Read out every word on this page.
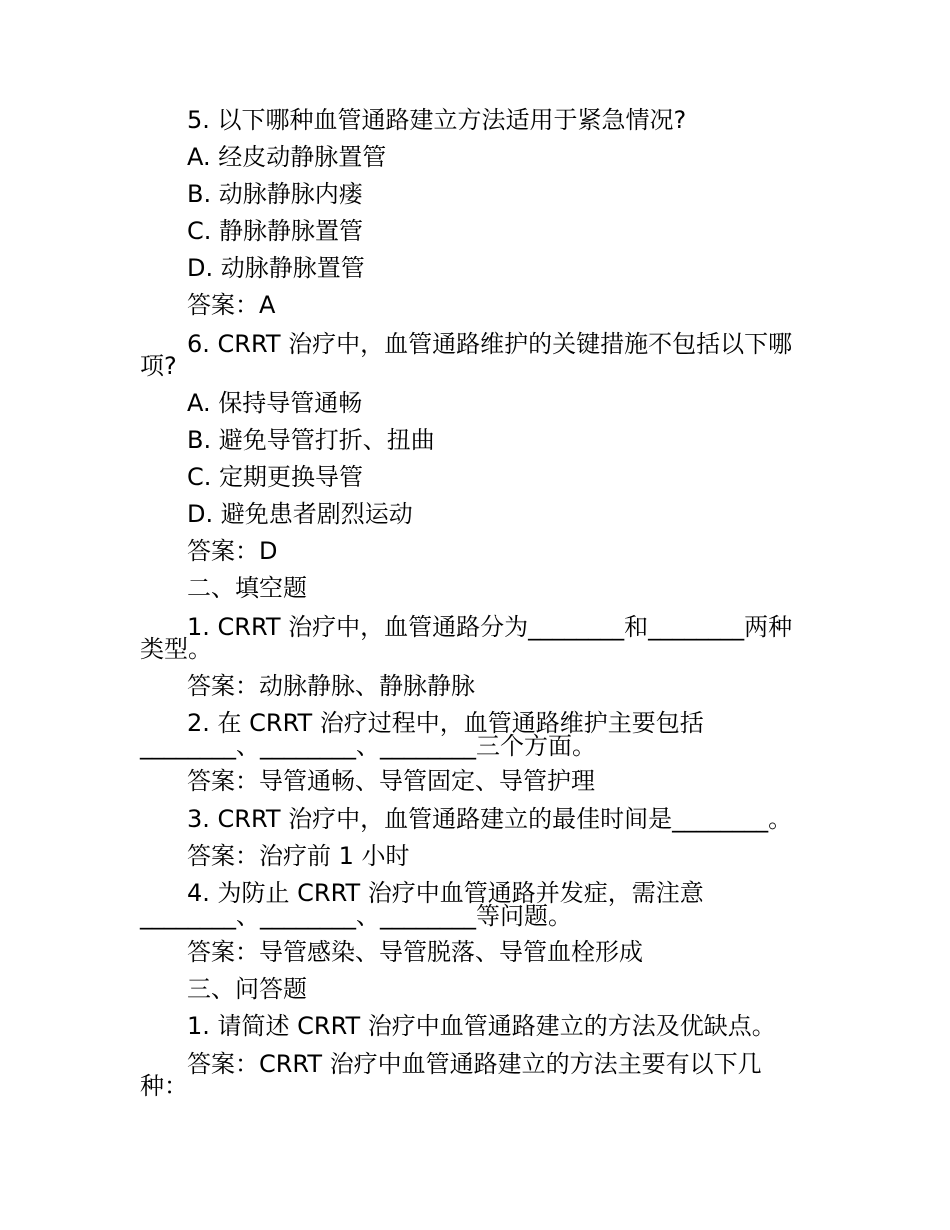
5. 以下哪种血管通路建立方法适用于紧急情况?
A. 经皮动静脉置管
B. 动脉静脉内瘘
C. 静脉静脉置管
D. 动脉静脉置管
答案：A
6. CRRT 治疗中，血管通路维护的关键措施不包括以下哪
项?
A. 保持导管通畅
B. 避免导管打折、扭曲
C. 定期更换导管
D. 避免患者剧烈运动
答案：D
二、填空题
1. CRRT 治疗中，血管通路分为________和________两种
类型。
答案：动脉静脉、静脉静脉
2. 在 CRRT 治疗过程中，血管通路维护主要包括
________、________、________三个方面。
答案：导管通畅、导管固定、导管护理
3. CRRT 治疗中，血管通路建立的最佳时间是________。
答案：治疗前 1 小时
4. 为防止 CRRT 治疗中血管通路并发症，需注意
________、________、________等问题。
答案：导管感染、导管脱落、导管血栓形成
三、问答题
1. 请简述 CRRT 治疗中血管通路建立的方法及优缺点。
答案：CRRT 治疗中血管通路建立的方法主要有以下几
种：
